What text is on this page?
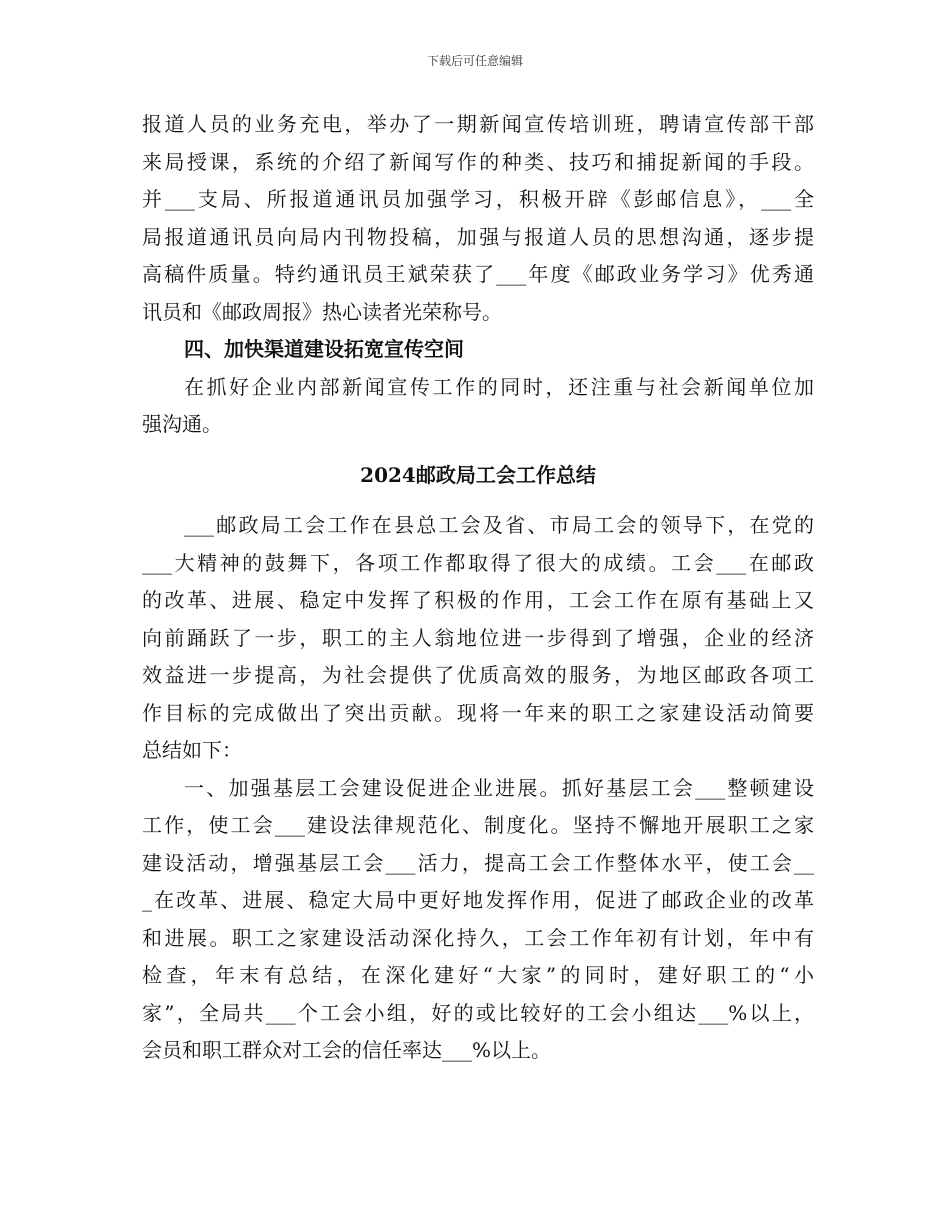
下载后可任意编辑
报道人员的业务充电，举办了一期新闻宣传培训班，聘请宣传部干部
来局授课，系统的介绍了新闻写作的种类、技巧和捕捉新闻的手段。
并___支局、所报道通讯员加强学习，积极开辟《彭邮信息》，___全
局报道通讯员向局内刊物投稿，加强与报道人员的思想沟通，逐步提
高稿件质量。特约通讯员王斌荣获了___年度《邮政业务学习》优秀通
讯员和《邮政周报》热心读者光荣称号。
四、加快渠道建设拓宽宣传空间
在抓好企业内部新闻宣传工作的同时，还注重与社会新闻单位加
强沟通。
2024邮政局工会工作总结
___邮政局工会工作在县总工会及省、市局工会的领导下，在党的
___大精神的鼓舞下，各项工作都取得了很大的成绩。工会___在邮政
的改革、进展、稳定中发挥了积极的作用，工会工作在原有基础上又
向前踊跃了一步，职工的主人翁地位进一步得到了增强，企业的经济
效益进一步提高，为社会提供了优质高效的服务，为地区邮政各项工
作目标的完成做出了突出贡献。现将一年来的职工之家建设活动简要
总结如下：
一、加强基层工会建设促进企业进展。抓好基层工会___整顿建设
工作，使工会___建设法律规范化、制度化。坚持不懈地开展职工之家
建设活动，增强基层工会___活力，提高工会工作整体水平，使工会__
_在改革、进展、稳定大局中更好地发挥作用，促进了邮政企业的改革
和进展。职工之家建设活动深化持久，工会工作年初有计划，年中有
检查，年末有总结，在深化建好“大家”的同时，建好职工的“小
家”，全局共___个工会小组，好的或比较好的工会小组达___%以上，
会员和职工群众对工会的信任率达___%以上。
